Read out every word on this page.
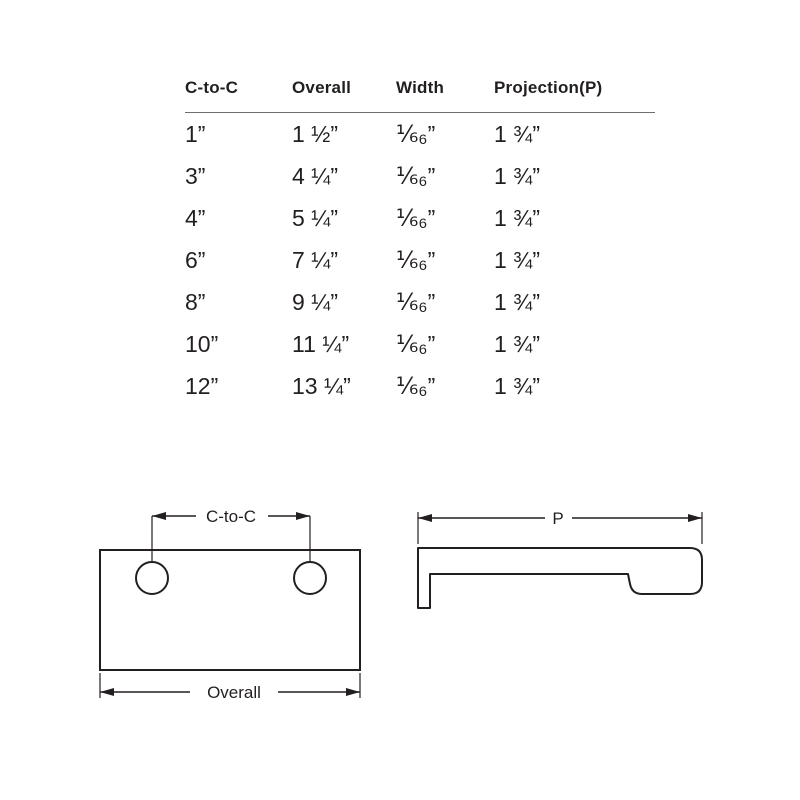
C-to-C	Overall	Width	Projection(P)
1”	1 ½”	⅙₆”	1 ¾”
3”	4 ¼”	⅙₆”	1 ¾”
4”	5 ¼”	⅙₆”	1 ¾”
6”	7 ¼”	⅙₆”	1 ¾”
8”	9 ¼”	⅙₆”	1 ¾”
10”	11 ¼”	⅙₆”	1 ¾”
12”	13 ¼”	⅙₆”	1 ¾”
C-to-C
Overall
P
